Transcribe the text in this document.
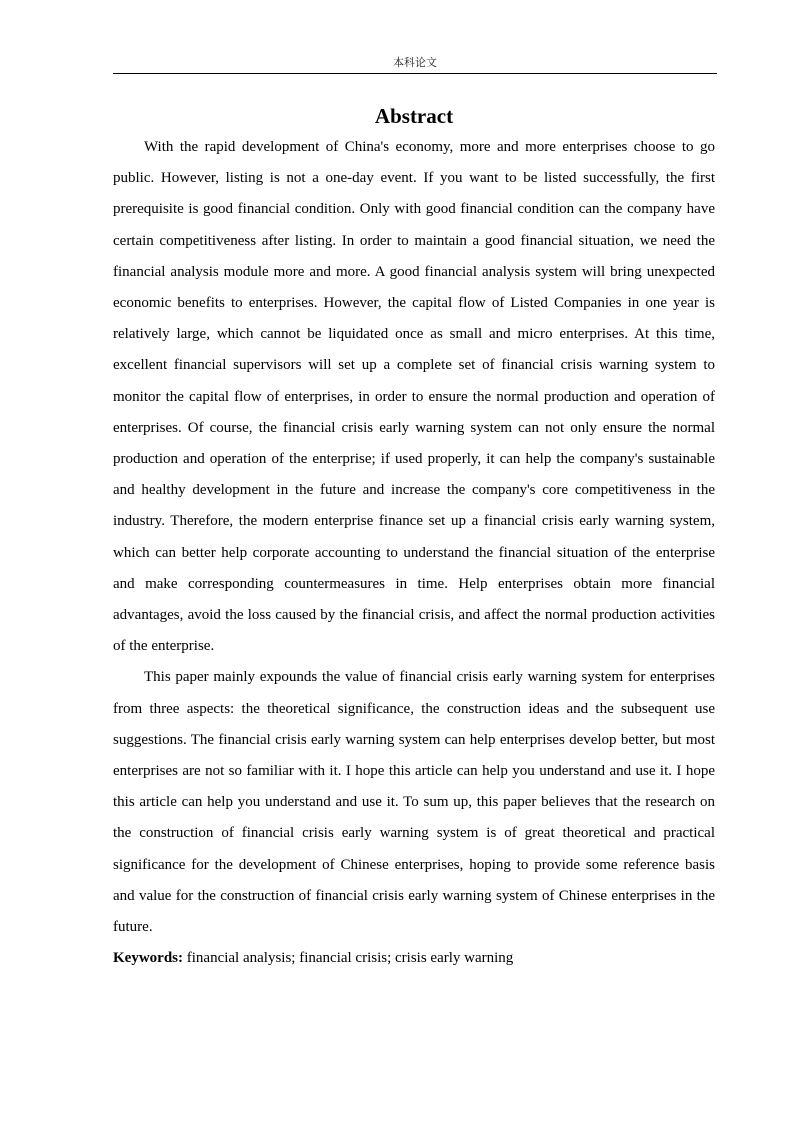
本科论文
Abstract

With the rapid development of China's economy, more and more enterprises choose to go public. However, listing is not a one-day event. If you want to be listed successfully, the first prerequisite is good financial condition. Only with good financial condition can the company have certain competitiveness after listing. In order to maintain a good financial situation, we need the financial analysis module more and more. A good financial analysis system will bring unexpected economic benefits to enterprises. However, the capital flow of Listed Companies in one year is relatively large, which cannot be liquidated once as small and micro enterprises. At this time, excellent financial supervisors will set up a complete set of financial crisis warning system to monitor the capital flow of enterprises, in order to ensure the normal production and operation of enterprises. Of course, the financial crisis early warning system can not only ensure the normal production and operation of the enterprise; if used properly, it can help the company's sustainable and healthy development in the future and increase the company's core competitiveness in the industry. Therefore, the modern enterprise finance set up a financial crisis early warning system, which can better help corporate accounting to understand the financial situation of the enterprise and make corresponding countermeasures in time. Help enterprises obtain more financial advantages, avoid the loss caused by the financial crisis, and affect the normal production activities of the enterprise.

This paper mainly expounds the value of financial crisis early warning system for enterprises from three aspects: the theoretical significance, the construction ideas and the subsequent use suggestions. The financial crisis early warning system can help enterprises develop better, but most enterprises are not so familiar with it. I hope this article can help you understand and use it. I hope this article can help you understand and use it. To sum up, this paper believes that the research on the construction of financial crisis early warning system is of great theoretical and practical significance for the development of Chinese enterprises, hoping to provide some reference basis and value for the construction of financial crisis early warning system of Chinese enterprises in the future.

Keywords: financial analysis; financial crisis; crisis early warning
